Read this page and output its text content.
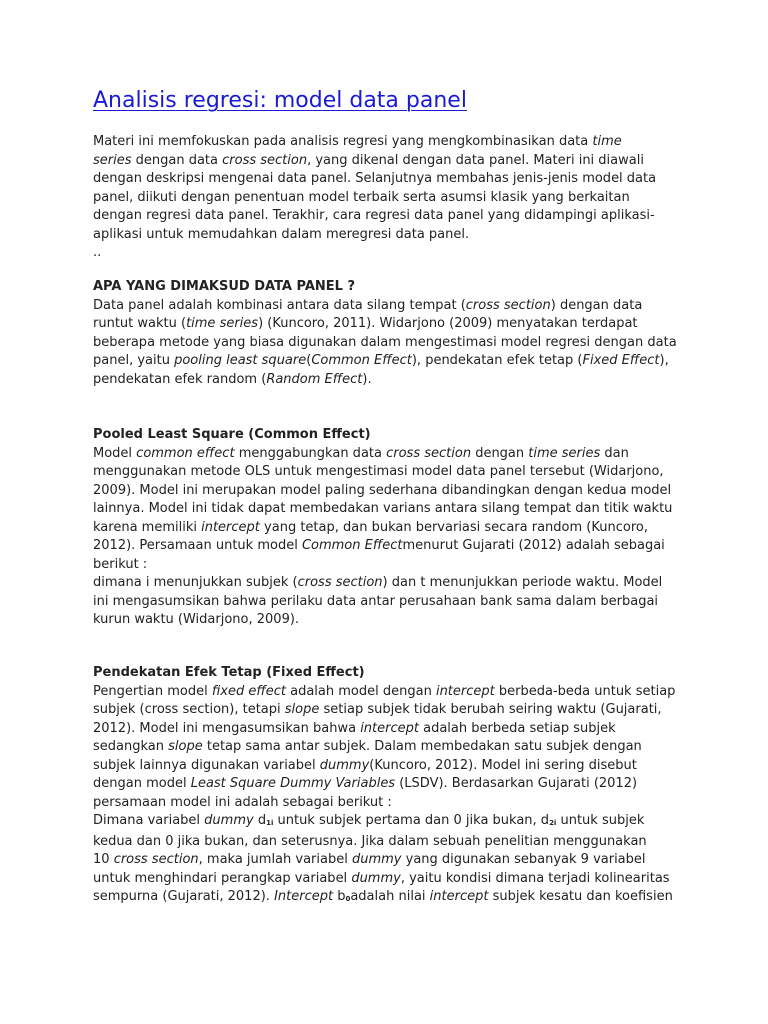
Analisis regresi: model data panel
Materi ini memfokuskan pada analisis regresi yang mengkombinasikan data time
series dengan data cross section, yang dikenal dengan data panel. Materi ini diawali
dengan deskripsi mengenai data panel. Selanjutnya membahas jenis-jenis model data
panel, diikuti dengan penentuan model terbaik serta asumsi klasik yang berkaitan
dengan regresi data panel. Terakhir, cara regresi data panel yang didampingi aplikasi-
aplikasi untuk memudahkan dalam meregresi data panel.
..
APA YANG DIMAKSUD DATA PANEL ?
Data panel adalah kombinasi antara data silang tempat (cross section) dengan data
runtut waktu (time series) (Kuncoro, 2011). Widarjono (2009) menyatakan terdapat
beberapa metode yang biasa digunakan dalam mengestimasi model regresi dengan data
panel, yaitu pooling least square(Common Effect), pendekatan efek tetap (Fixed Effect),
pendekatan efek random (Random Effect).
Pooled Least Square (Common Effect)
Model common effect menggabungkan data cross section dengan time series dan
menggunakan metode OLS untuk mengestimasi model data panel tersebut (Widarjono,
2009). Model ini merupakan model paling sederhana dibandingkan dengan kedua model
lainnya. Model ini tidak dapat membedakan varians antara silang tempat dan titik waktu
karena memiliki intercept yang tetap, dan bukan bervariasi secara random (Kuncoro,
2012). Persamaan untuk model Common Effectmenurut Gujarati (2012) adalah sebagai
berikut :
dimana i menunjukkan subjek (cross section) dan t menunjukkan periode waktu. Model
ini mengasumsikan bahwa perilaku data antar perusahaan bank sama dalam berbagai
kurun waktu (Widarjono, 2009).
Pendekatan Efek Tetap (Fixed Effect)
Pengertian model fixed effect adalah model dengan intercept berbeda-beda untuk setiap
subjek (cross section), tetapi slope setiap subjek tidak berubah seiring waktu (Gujarati,
2012). Model ini mengasumsikan bahwa intercept adalah berbeda setiap subjek
sedangkan slope tetap sama antar subjek. Dalam membedakan satu subjek dengan
subjek lainnya digunakan variabel dummy(Kuncoro, 2012). Model ini sering disebut
dengan model Least Square Dummy Variables (LSDV). Berdasarkan Gujarati (2012)
persamaan model ini adalah sebagai berikut :
Dimana variabel dummy d1i untuk subjek pertama dan 0 jika bukan, d2i untuk subjek
kedua dan 0 jika bukan, dan seterusnya. Jika dalam sebuah penelitian menggunakan
10 cross section, maka jumlah variabel dummy yang digunakan sebanyak 9 variabel
untuk menghindari perangkap variabel dummy, yaitu kondisi dimana terjadi kolinearitas
sempurna (Gujarati, 2012). Intercept b0adalah nilai intercept subjek kesatu dan koefisien
